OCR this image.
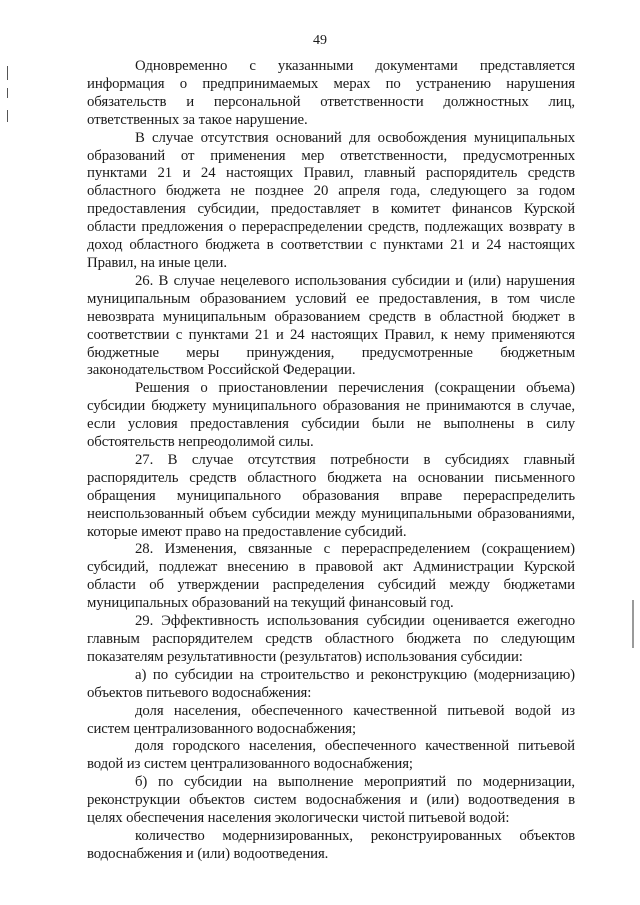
49

Одновременно с указанными документами представляется информация о предпринимаемых мерах по устранению нарушения обязательств и персональной ответственности должностных лиц, ответственных за такое нарушение.

В случае отсутствия оснований для освобождения муниципальных образований от применения мер ответственности, предусмотренных пунктами 21 и 24 настоящих Правил, главный распорядитель средств областного бюджета не позднее 20 апреля года, следующего за годом предоставления субсидии, предоставляет в комитет финансов Курской области предложения о перераспределении средств, подлежащих возврату в доход областного бюджета в соответствии с пунктами 21 и 24 настоящих Правил, на иные цели.

26. В случае нецелевого использования субсидии и (или) нарушения муниципальным образованием условий ее предоставления, в том числе невозврата муниципальным образованием средств в областной бюджет в соответствии с пунктами 21 и 24 настоящих Правил, к нему применяются бюджетные меры принуждения, предусмотренные бюджетным законодательством Российской Федерации.

Решения о приостановлении перечисления (сокращении объема) субсидии бюджету муниципального образования не принимаются в случае, если условия предоставления субсидии были не выполнены в силу обстоятельств непреодолимой силы.

27. В случае отсутствия потребности в субсидиях главный распорядитель средств областного бюджета на основании письменного обращения муниципального образования вправе перераспределить неиспользованный объем субсидии между муниципальными образованиями, которые имеют право на предоставление субсидий.

28. Изменения, связанные с перераспределением (сокращением) субсидий, подлежат внесению в правовой акт Администрации Курской области об утверждении распределения субсидий между бюджетами муниципальных образований на текущий финансовый год.

29. Эффективность использования субсидии оценивается ежегодно главным распорядителем средств областного бюджета по следующим показателям результативности (результатов) использования субсидии:

а) по субсидии на строительство и реконструкцию (модернизацию) объектов питьевого водоснабжения:

доля населения, обеспеченного качественной питьевой водой из систем централизованного водоснабжения;

доля городского населения, обеспеченного качественной питьевой водой из систем централизованного водоснабжения;

б) по субсидии на выполнение мероприятий по модернизации, реконструкции объектов систем водоснабжения и (или) водоотведения в целях обеспечения населения экологически чистой питьевой водой:

количество модернизированных, реконструированных объектов водоснабжения и (или) водоотведения.
